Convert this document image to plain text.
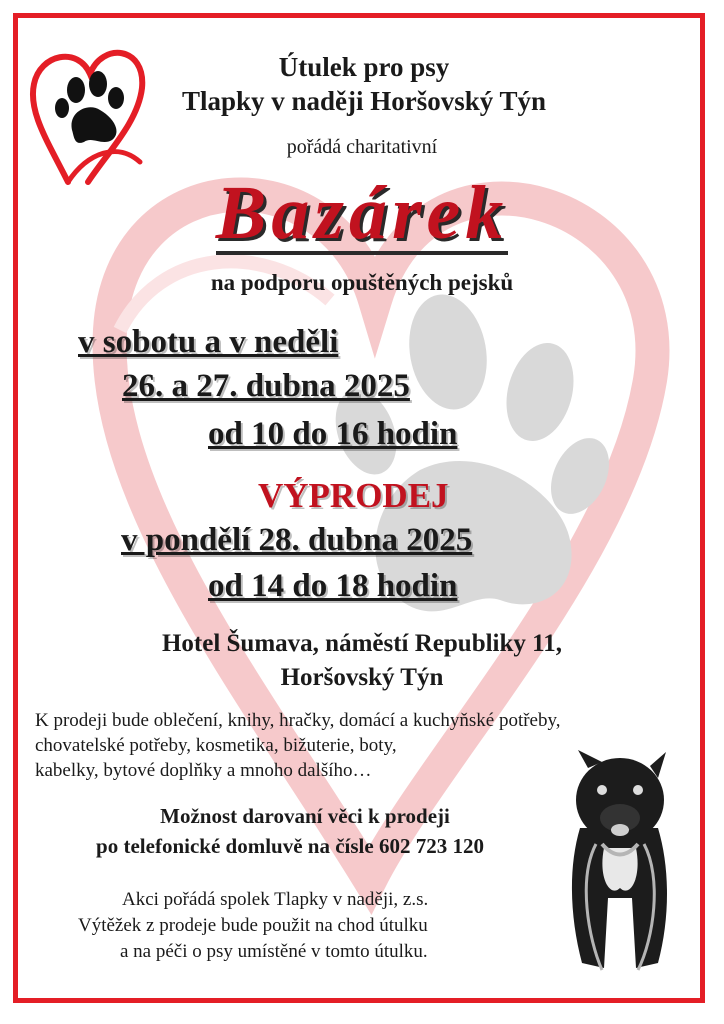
Útulek pro psy
Tlapky v naději Horšovský Týn
pořádá charitativní
Bazárek
na podporu opuštěných pejsků
v sobotu a v neděli
26. a 27. dubna 2025
od 10 do 16 hodin
VÝPRODEJ
v pondělí 28. dubna 2025
od 14 do 18 hodin
Hotel Šumava, náměstí Republiky 11,
Horšovský Týn
K prodeji bude oblečení, knihy, hračky, domácí a kuchyňské potřeby,
chovatelské potřeby, kosmetika, bižuterie, boty,
kabelky, bytové doplňky a mnoho dalšího…
Možnost darovaní věci k prodeji
po telefonické domluvě na čísle 602 723 120
Akci pořádá spolek Tlapky v naději, z.s.
Výtěžek z prodeje bude použit na chod útulku
a na péči o psy umístěné v tomto útulku.
